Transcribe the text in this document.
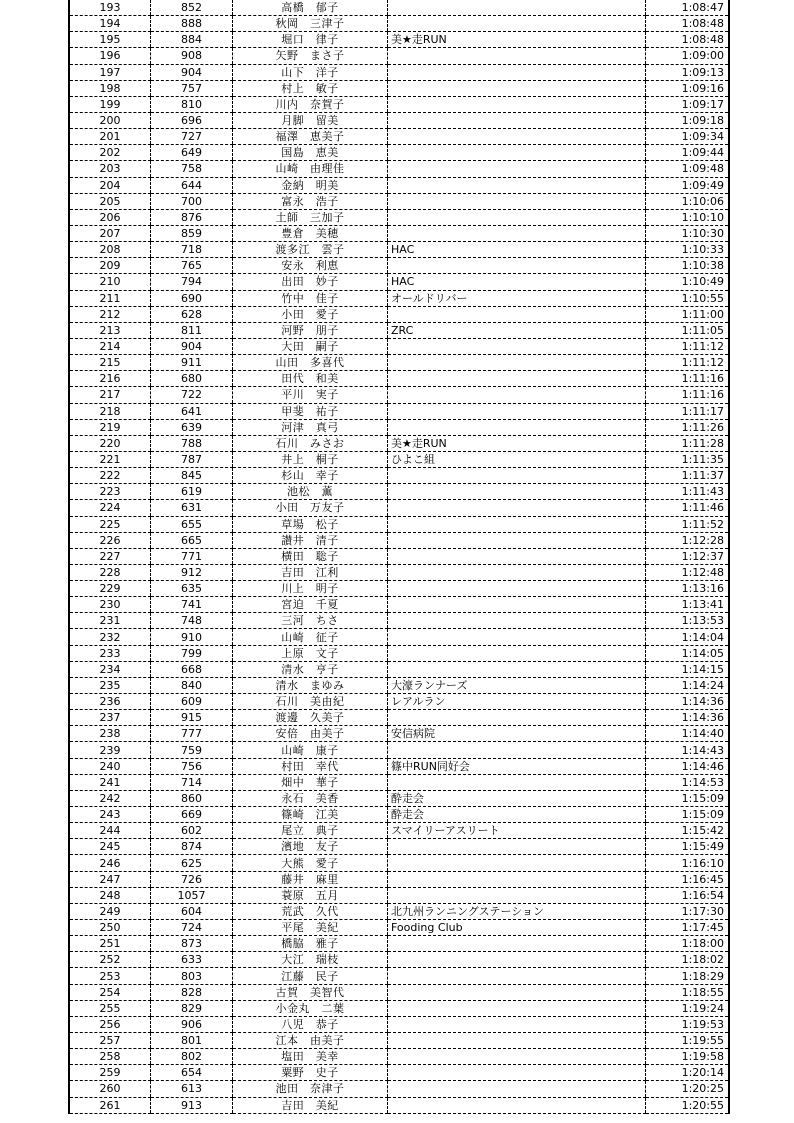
193	852	高橋　郁子		1:08:47
194	888	秋岡　三津子		1:08:48
195	884	堀口　律子	美★走RUN	1:08:48
196	908	矢野　まさ子		1:09:00
197	904	山下　洋子		1:09:13
198	757	村上　敏子		1:09:16
199	810	川内　奈賀子		1:09:17
200	696	月脚　留美		1:09:18
201	727	福澤　恵美子		1:09:34
202	649	国島　恵美		1:09:44
203	758	山崎　由理佳		1:09:48
204	644	金納　明美		1:09:49
205	700	富永　浩子		1:10:06
206	876	土師　三加子		1:10:10
207	859	豊倉　美穂		1:10:30
208	718	渡多江　雲子	HAC	1:10:33
209	765	安永　利恵		1:10:38
210	794	出田　妙子	HAC	1:10:49
211	690	竹中　佳子	オールドリバー	1:10:55
212	628	小田　愛子		1:11:00
213	811	河野　朋子	ZRC	1:11:05
214	904	大田　嗣子		1:11:12
215	911	山田　多喜代		1:11:12
216	680	田代　和美		1:11:16
217	722	平川　実子		1:11:16
218	641	甲斐　祐子		1:11:17
219	639	河津　真弓		1:11:26
220	788	石川　みさお	美★走RUN	1:11:28
221	787	井上　桐子	ひよこ組	1:11:35
222	845	杉山　幸子		1:11:37
223	619	池松　薫		1:11:43
224	631	小田　万友子		1:11:46
225	655	草場　松子		1:11:52
226	665	讃井　清子		1:12:28
227	771	横田　聡子		1:12:37
228	912	吉田　江利		1:12:48
229	635	川上　明子		1:13:16
230	741	宮迫　千夏		1:13:41
231	748	三河　ちさ		1:13:53
232	910	山崎　征子		1:14:04
233	799	上原　文子		1:14:05
234	668	清水　亨子		1:14:15
235	840	清水　まゆみ	大濠ランナーズ	1:14:24
236	609	石川　美由紀	レアルラン	1:14:36
237	915	渡邊　久美子		1:14:36
238	777	安倍　由美子	安信病院	1:14:40
239	759	山崎　康子		1:14:43
240	756	村田　幸代	篠中RUN同好会	1:14:46
241	714	畑中　華子		1:14:53
242	860	永石　美香	酔走会	1:15:09
243	669	篠崎　江美	酔走会	1:15:09
244	602	尾立　典子	スマイリーアスリート	1:15:42
245	874	濱地　友子		1:15:49
246	625	大熊　愛子		1:16:10
247	726	藤井　麻里		1:16:45
248	1057	蓑原　五月		1:16:54
249	604	荒武　久代	北九州ランニングステーション	1:17:30
250	724	平尾　美紀	Fooding Club	1:17:45
251	873	橋脇　雅子		1:18:00
252	633	大江　瑞枝		1:18:02
253	803	江藤　民子		1:18:29
254	828	古賀　美智代		1:18:55
255	829	小金丸　二葉		1:19:24
256	906	八児　恭子		1:19:53
257	801	江本　由美子		1:19:55
258	802	塩田　美幸		1:19:58
259	654	粟野　史子		1:20:14
260	613	池田　奈津子		1:20:25
261	913	吉田　美紀		1:20:55
